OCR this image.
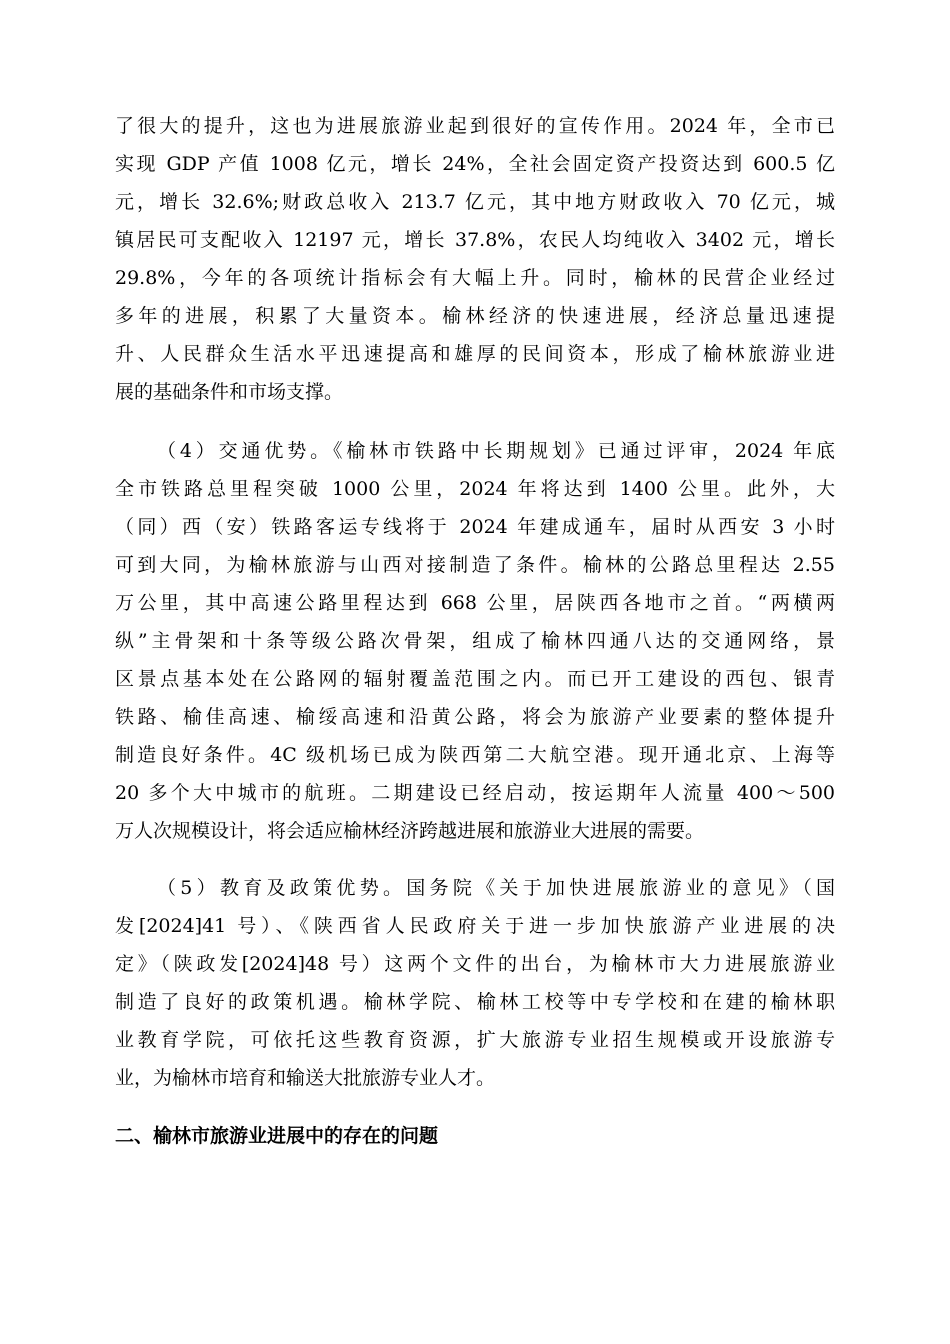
了很大的提升，这也为进展旅游业起到很好的宣传作用。2024 年，全市已
实现 GDP 产值 1008 亿元，增长 24%，全社会固定资产投资达到 600.5 亿
元，增长 32.6%;财政总收入 213.7 亿元，其中地方财政收入 70 亿元，城
镇居民可支配收入 12197 元，增长 37.8%，农民人均纯收入 3402 元，增长
29.8%，今年的各项统计指标会有大幅上升。同时，榆林的民营企业经过
多年的进展，积累了大量资本。榆林经济的快速进展，经济总量迅速提
升、人民群众生活水平迅速提高和雄厚的民间资本，形成了榆林旅游业进
展的基础条件和市场支撑。
（4）交通优势。《榆林市铁路中长期规划》已通过评审，2024 年底
全市铁路总里程突破 1000 公里，2024 年将达到 1400 公里。此外，大
（同）西（安）铁路客运专线将于 2024 年建成通车，届时从西安 3 小时
可到大同，为榆林旅游与山西对接制造了条件。榆林的公路总里程达 2.55
万公里，其中高速公路里程达到 668 公里，居陕西各地市之首。“两横两
纵”主骨架和十条等级公路次骨架，组成了榆林四通八达的交通网络，景
区景点基本处在公路网的辐射覆盖范围之内。而已开工建设的西包、银青
铁路、榆佳高速、榆绥高速和沿黄公路，将会为旅游产业要素的整体提升
制造良好条件。4C 级机场已成为陕西第二大航空港。现开通北京、上海等
20 多个大中城市的航班。二期建设已经启动，按运期年人流量 400～500
万人次规模设计，将会适应榆林经济跨越进展和旅游业大进展的需要。
（5）教育及政策优势。国务院《关于加快进展旅游业的意见》（国
发[2024]41 号）、《陕西省人民政府关于进一步加快旅游产业进展的决
定》（陕政发[2024]48 号）这两个文件的出台，为榆林市大力进展旅游业
制造了良好的政策机遇。榆林学院、榆林工校等中专学校和在建的榆林职
业教育学院，可依托这些教育资源，扩大旅游专业招生规模或开设旅游专
业，为榆林市培育和输送大批旅游专业人才。
二、榆林市旅游业进展中的存在的问题
